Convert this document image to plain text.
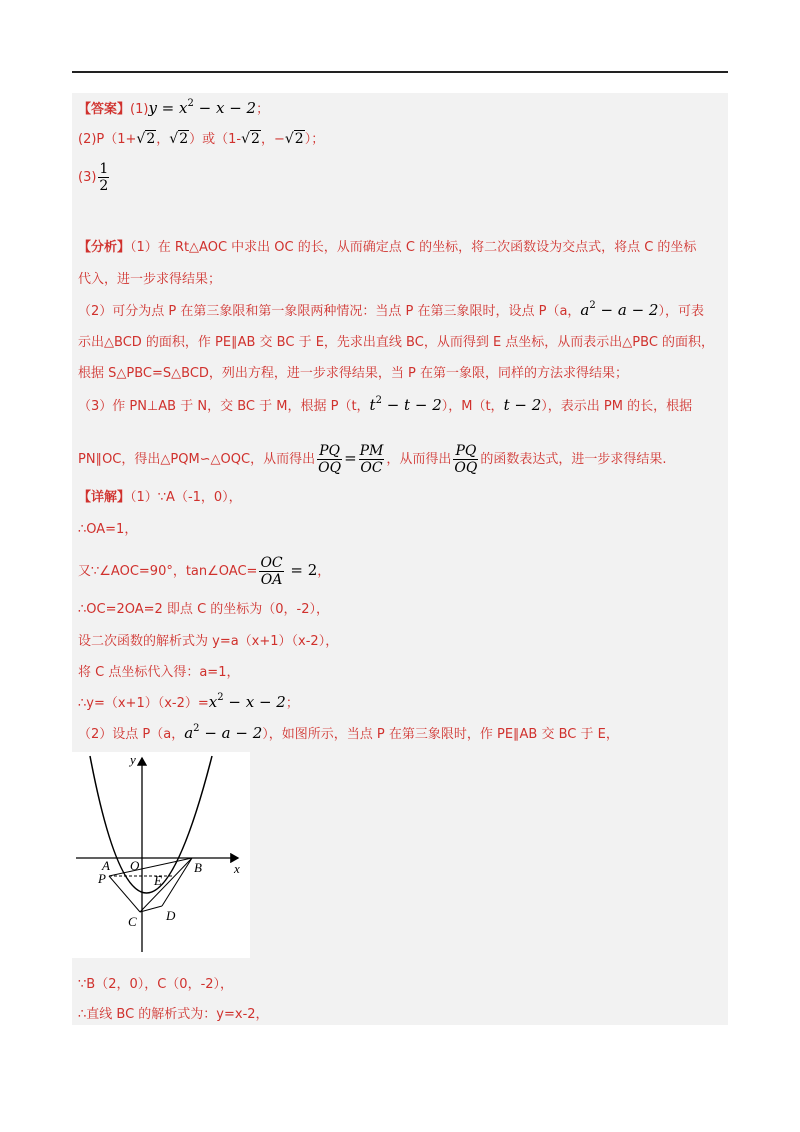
【答案】$(1)y = x^2 - x - 2$；
(2)P（1+√2，√2）或（1-√2，−√2）；
$(3) \frac{1}{2}$
【分析】（1）在 Rt△AOC 中求出 OC 的长，从而确定点 C 的坐标，将二次函数设为交点式，将点 C 的坐标
代入，进一步求得结果；
（2）可分为点 P 在第三象限和第一象限两种情况：当点 P 在第三象限时，设点 P（a，$a^2 - a - 2$），可表
示出△BCD 的面积，作 PE∥AB 交 BC 于 E，先求出直线 BC，从而得到 E 点坐标，从而表示出△PBC 的面积，
根据 S△PBC=S△BCD，列出方程，进一步求得结果，当 P 在第一象限，同样的方法求得结果；
（3）作 PN⊥AB 于 N，交 BC 于 M，根据 P（t，$t^2 - t - 2$），M（t，t − 2），表示出 PM 的长，根据
PN∥OC，得出△PQM∽△OQC，从而得出 $\frac{PQ}{OQ} = \frac{PM}{OC}$ ，从而得出 $\frac{PQ}{OQ}$ 的函数表达式，进一步求得结果.
【详解】（1）∵A（-1，0），
∴OA=1，
又∵∠AOC=90°，tan∠OAC= $\frac{OC}{OA} = 2$，
∴OC=2OA=2 即点 C 的坐标为（0，-2），
设二次函数的解析式为 y=a（x+1）（x-2），
将 C 点坐标代入得：a=1，
$\therefore y=(x+1)(x-2)=x^2 - x - 2$；
（2）设点 P（a，$a^2 - a - 2$），如图所示，当点 P 在第三象限时，作 PE∥AB 交 BC 于 E，
y
x
A O	B
P	E
C D
∵B（2，0），C（0，-2），
∴直线 BC 的解析式为：y=x-2，
